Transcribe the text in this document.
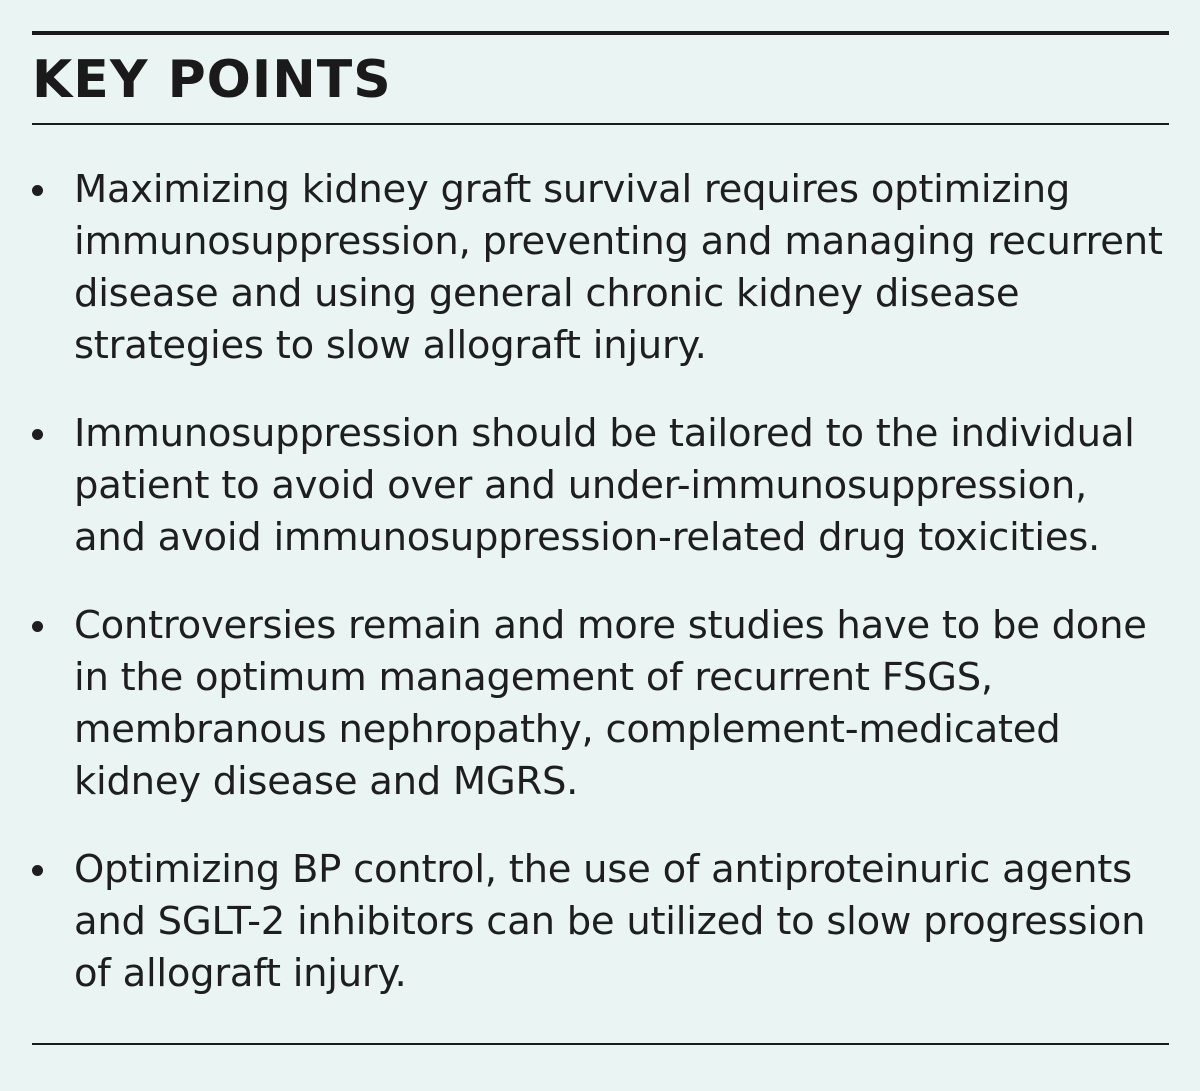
KEY POINTS
Maximizing kidney graft survival requires optimizing immunosuppression, preventing and managing recurrent disease and using general chronic kidney disease strategies to slow allograft injury.
Immunosuppression should be tailored to the individual patient to avoid over and under-immunosuppression, and avoid immunosuppression-related drug toxicities.
Controversies remain and more studies have to be done in the optimum management of recurrent FSGS, membranous nephropathy, complement-medicated kidney disease and MGRS.
Optimizing BP control, the use of antiproteinuric agents and SGLT-2 inhibitors can be utilized to slow progression of allograft injury.
